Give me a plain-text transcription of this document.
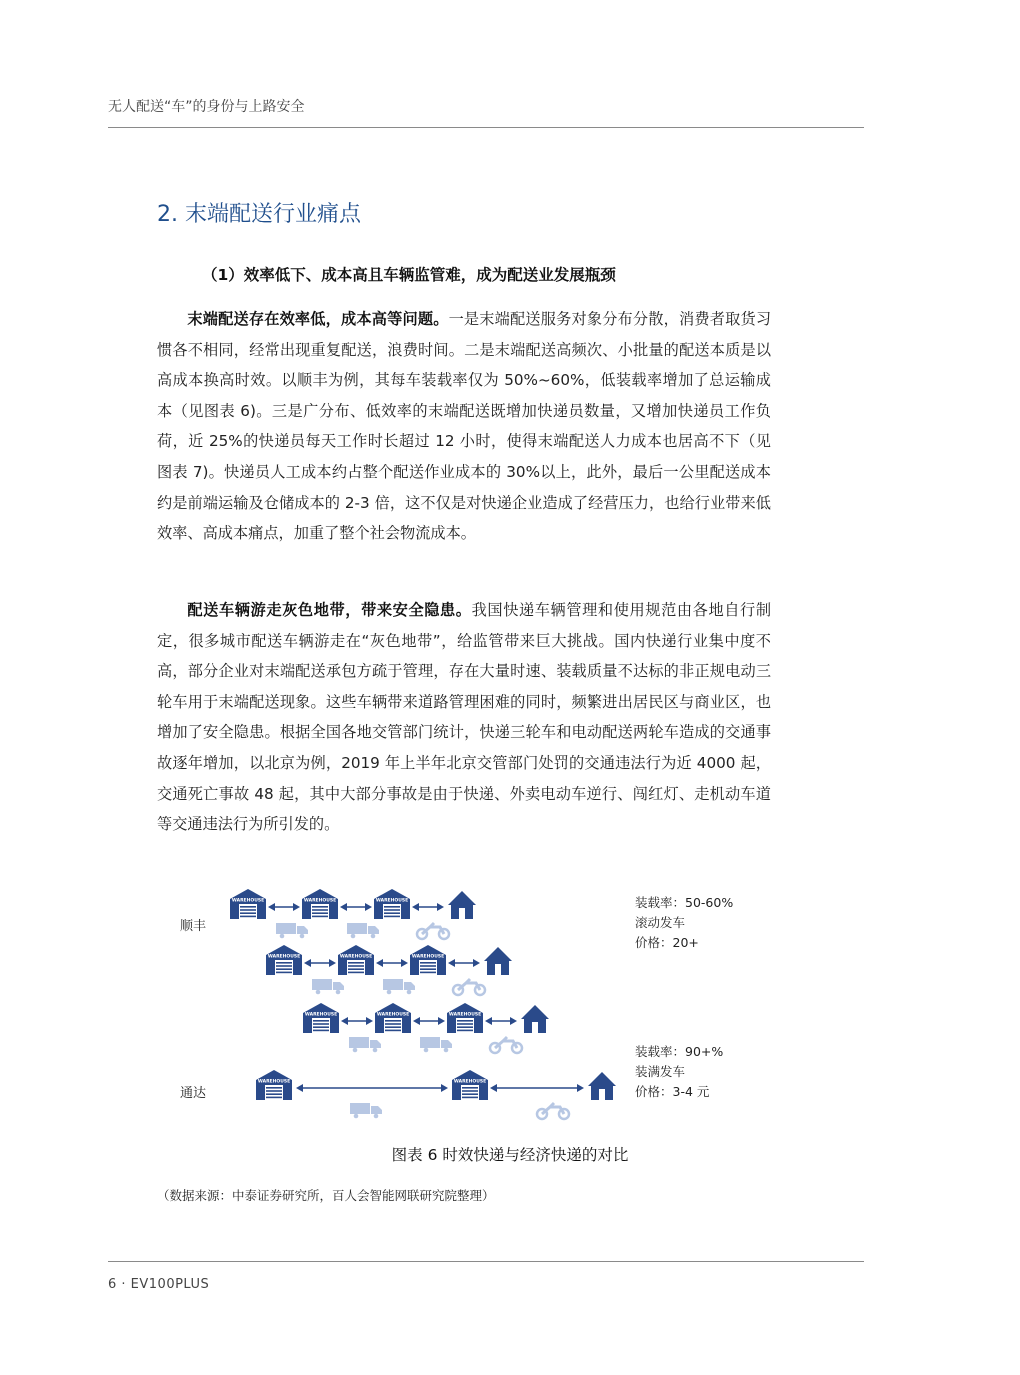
无人配送“车”的身份与上路安全
2. 末端配送行业痛点
（1）效率低下、成本高且车辆监管难，成为配送业发展瓶颈

末端配送存在效率低，成本高等问题。一是末端配送服务对象分布分散，消费者取货习惯各不相同，经常出现重复配送，浪费时间。二是末端配送高频次、小批量的配送本质是以高成本换高时效。以顺丰为例，其每车装载率仅为 50%~60%，低装载率增加了总运输成本（见图表 6)。三是广分布、低效率的末端配送既增加快递员数量，又增加快递员工作负荷，近 25%的快递员每天工作时长超过 12 小时，使得末端配送人力成本也居高不下（见图表 7)。快递员人工成本约占整个配送作业成本的 30%以上，此外，最后一公里配送成本约是前端运输及仓储成本的 2-3 倍，这不仅是对快递企业造成了经营压力，也给行业带来低效率、高成本痛点，加重了整个社会物流成本。

配送车辆游走灰色地带，带来安全隐患。我国快递车辆管理和使用规范由各地自行制定，很多城市配送车辆游走在“灰色地带”，给监管带来巨大挑战。国内快递行业集中度不高，部分企业对末端配送承包方疏于管理，存在大量时速、装载质量不达标的非正规电动三轮车用于末端配送现象。这些车辆带来道路管理困难的同时，频繁进出居民区与商业区，也增加了安全隐患。根据全国各地交管部门统计，快递三轮车和电动配送两轮车造成的交通事故逐年增加，以北京为例，2019 年上半年北京交管部门处罚的交通违法行为近 4000 起，交通死亡事故 48 起，其中大部分事故是由于快递、外卖电动车逆行、闯红灯、走机动车道等交通违法行为所引发的。

WAREHOUSE	WAREHOUSE	WAREHOUSE
WAREHOUSE	WAREHOUSE	WAREHOUSE
WAREHOUSE	WAREHOUSE	WAREHOUSE
WAREHOUSE	WAREHOUSE
顺丰
通达
装载率：50-60%
滚动发车
价格：20+
装载率：90+%
装满发车
价格：3-4 元
图表 6 时效快递与经济快递的对比
（数据来源：中泰证券研究所，百人会智能网联研究院整理）
6 · EV100PLUS
